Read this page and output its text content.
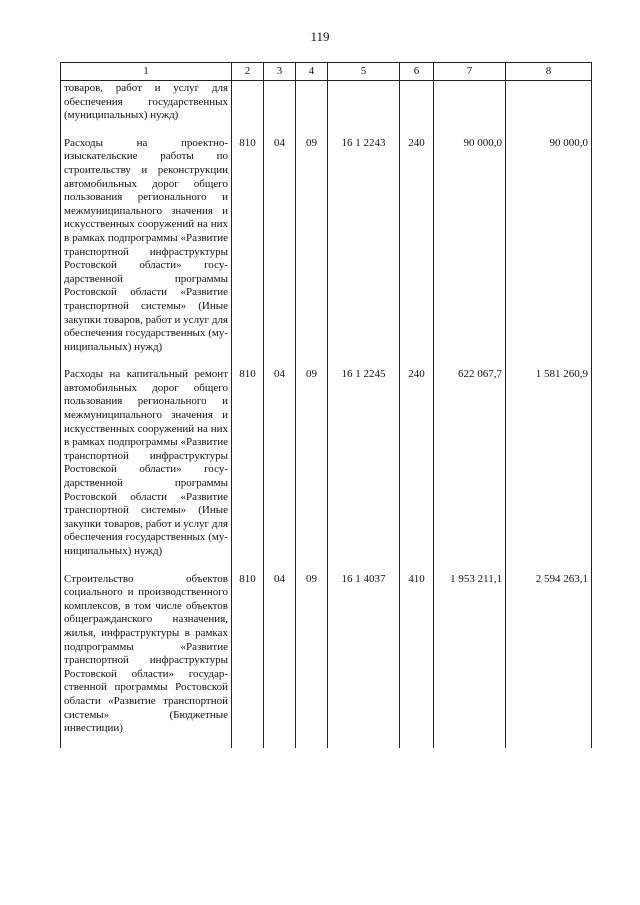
119
1	2	3	4	5	6	7	8
товаров, работ и услуг для обеспечения государственных (муниципальных) нужд)							
Расходы на проектно-изыскательские работы по строительству и реконструкции автомобильных дорог общего пользования регионального и межмуниципального значения и искусственных сооружений на них в рамках подпрограммы «Развитие транспортной инфраструктуры Ростовской области» государственной программы Ростовской области «Развитие транспортной системы» (Иные закупки товаров, работ и услуг для обеспечения государственных (муниципальных) нужд)	810	04	09	16 1 2243	240	90 000,0	90 000,0
Расходы на капитальный ремонт автомобильных дорог общего пользования регионального и межмуниципального значения и искусственных сооружений на них в рамках подпрограммы «Развитие транспортной инфраструктуры Ростовской области» государственной программы Ростовской области «Развитие транспортной системы» (Иные закупки товаров, работ и услуг для обеспечения государственных (муниципальных) нужд)	810	04	09	16 1 2245	240	622 067,7	1 581 260,9
Строительство объектов социального и производственного комплексов, в том числе объектов общегражданского назначения, жилья, инфраструктуры в рамках подпрограммы «Развитие транспортной инфраструктуры Ростовской области» государственной программы Ростовской области «Развитие транспортной системы» (Бюджетные инвестиции)	810	04	09	16 1 4037	410	1 953 211,1	2 594 263,1
